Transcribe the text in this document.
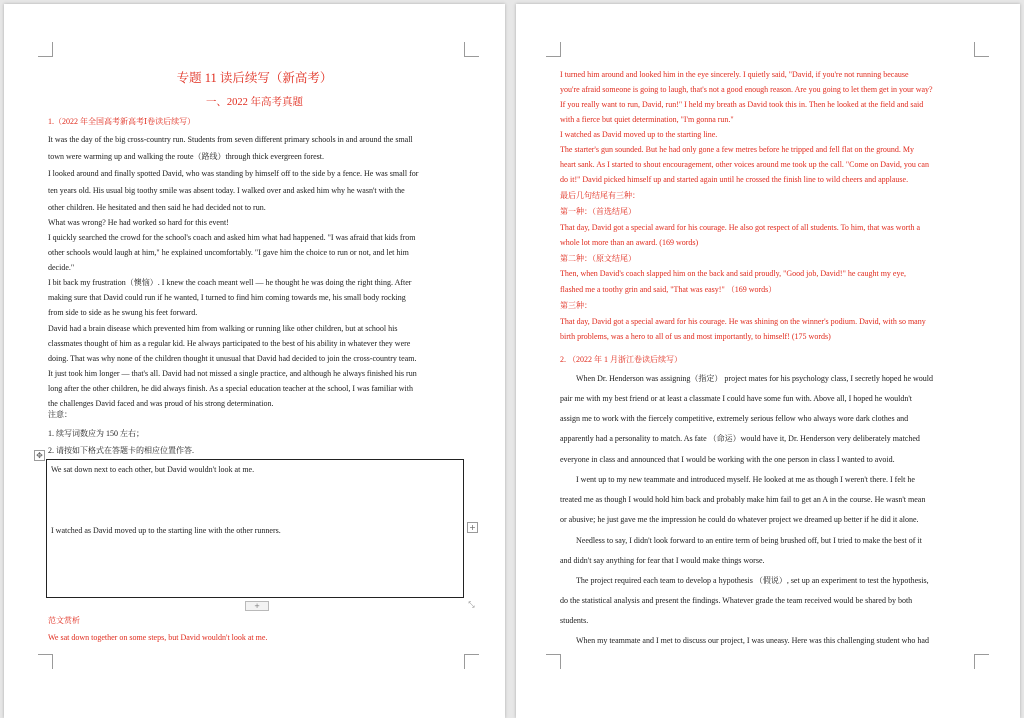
专题 11 读后续写（新高考）
一、2022 年高考真题
1.（2022 年全国高考新高考Ⅰ卷读后续写）
It was the day of the big cross-country run. Students from seven different primary schools in and around the small
town were warming up and walking the route（路线）through thick evergreen forest.
I looked around and finally spotted David, who was standing by himself off to the side by a fence. He was small for
ten years old. His usual big toothy smile was absent today. I walked over and asked him why he wasn't with the
other children. He hesitated and then said he had decided not to run.
What was wrong? He had worked so hard for this event!
I quickly searched the crowd for the school's coach and asked him what had happened. "I was afraid that kids from
other schools would laugh at him," he explained uncomfortably. "I gave him the choice to run or not, and let him
decide."
I bit back my frustration（懊恼）. I knew the coach meant well — he thought he was doing the right thing. After
making sure that David could run if he wanted, I turned to find him coming towards me, his small body rocking
from side to side as he swung his feet forward.
David had a brain disease which prevented him from walking or running like other children, but at school his
classmates thought of him as a regular kid. He always participated to the best of his ability in whatever they were
doing. That was why none of the children thought it unusual that David had decided to join the cross-country team.
It just took him longer — that's all. David had not missed a single practice, and although he always finished his run
long after the other children, he did always finish. As a special education teacher at the school, I was familiar with
the challenges David faced and was proud of his strong determination.
注意：
1. 续写词数应为 150 左右；
2. 请按如下格式在答题卡的相应位置作答.
✥
We sat down next to each other, but David wouldn't look at me.
I watched as David moved up to the starting line with the other runners.	+
+	⤡
范文赏析
We sat down together on some steps, but David wouldn't look at me.
I turned him around and looked him in the eye sincerely. I quietly said, "David, if you're not running because
you're afraid someone is going to laugh, that's not a good enough reason. Are you going to let them get in your way?
If you really want to run, David, run!" I held my breath as David took this in. Then he looked at the field and said
with a fierce but quiet determination, "I'm gonna run."
I watched as David moved up to the starting line.
The starter's gun sounded. But he had only gone a few metres before he tripped and fell flat on the ground. My
heart sank. As I started to shout encouragement, other voices around me took up the call. "Come on David, you can
do it!" David picked himself up and started again until he crossed the finish line to wild cheers and applause.
最后几句结尾有三种：
第一种：（首选结尾）
That day, David got a special award for his courage. He also got respect of all students. To him, that was worth a
whole lot more than an award. (169 words)
第二种：（原文结尾）
Then, when David's coach slapped him on the back and said proudly, "Good job, David!" he caught my eye,
flashed me a toothy grin and said, "That was easy!" （169 words）
第三种：
That day, David got a special award for his courage. He was shining on the winner's podium. David, with so many
birth problems, was a hero to all of us and most importantly, to himself! (175 words)
2. （2022 年 1 月浙江卷读后续写）
When Dr. Henderson was assigning（指定） project mates for his psychology class, I secretly hoped he would
pair me with my best friend or at least a classmate I could have some fun with. Above all, I hoped he wouldn't
assign me to work with the fiercely competitive, extremely serious fellow who always wore dark clothes and
apparently had a personality to match. As fate （命运）would have it, Dr. Henderson very deliberately matched
everyone in class and announced that I would be working with the one person in class I wanted to avoid.
I went up to my new teammate and introduced myself. He looked at me as though I weren't there. I felt he
treated me as though I would hold him back and probably make him fail to get an A in the course. He wasn't mean
or abusive; he just gave me the impression he could do whatever project we dreamed up better if he did it alone.
Needless to say, I didn't look forward to an entire term of being brushed off, but I tried to make the best of it
and didn't say anything for fear that I would make things worse.
The project required each team to develop a hypothesis （假说）, set up an experiment to test the hypothesis,
do the statistical analysis and present the findings. Whatever grade the team received would be shared by both
students.
When my teammate and I met to discuss our project, I was uneasy. Here was this challenging student who had
